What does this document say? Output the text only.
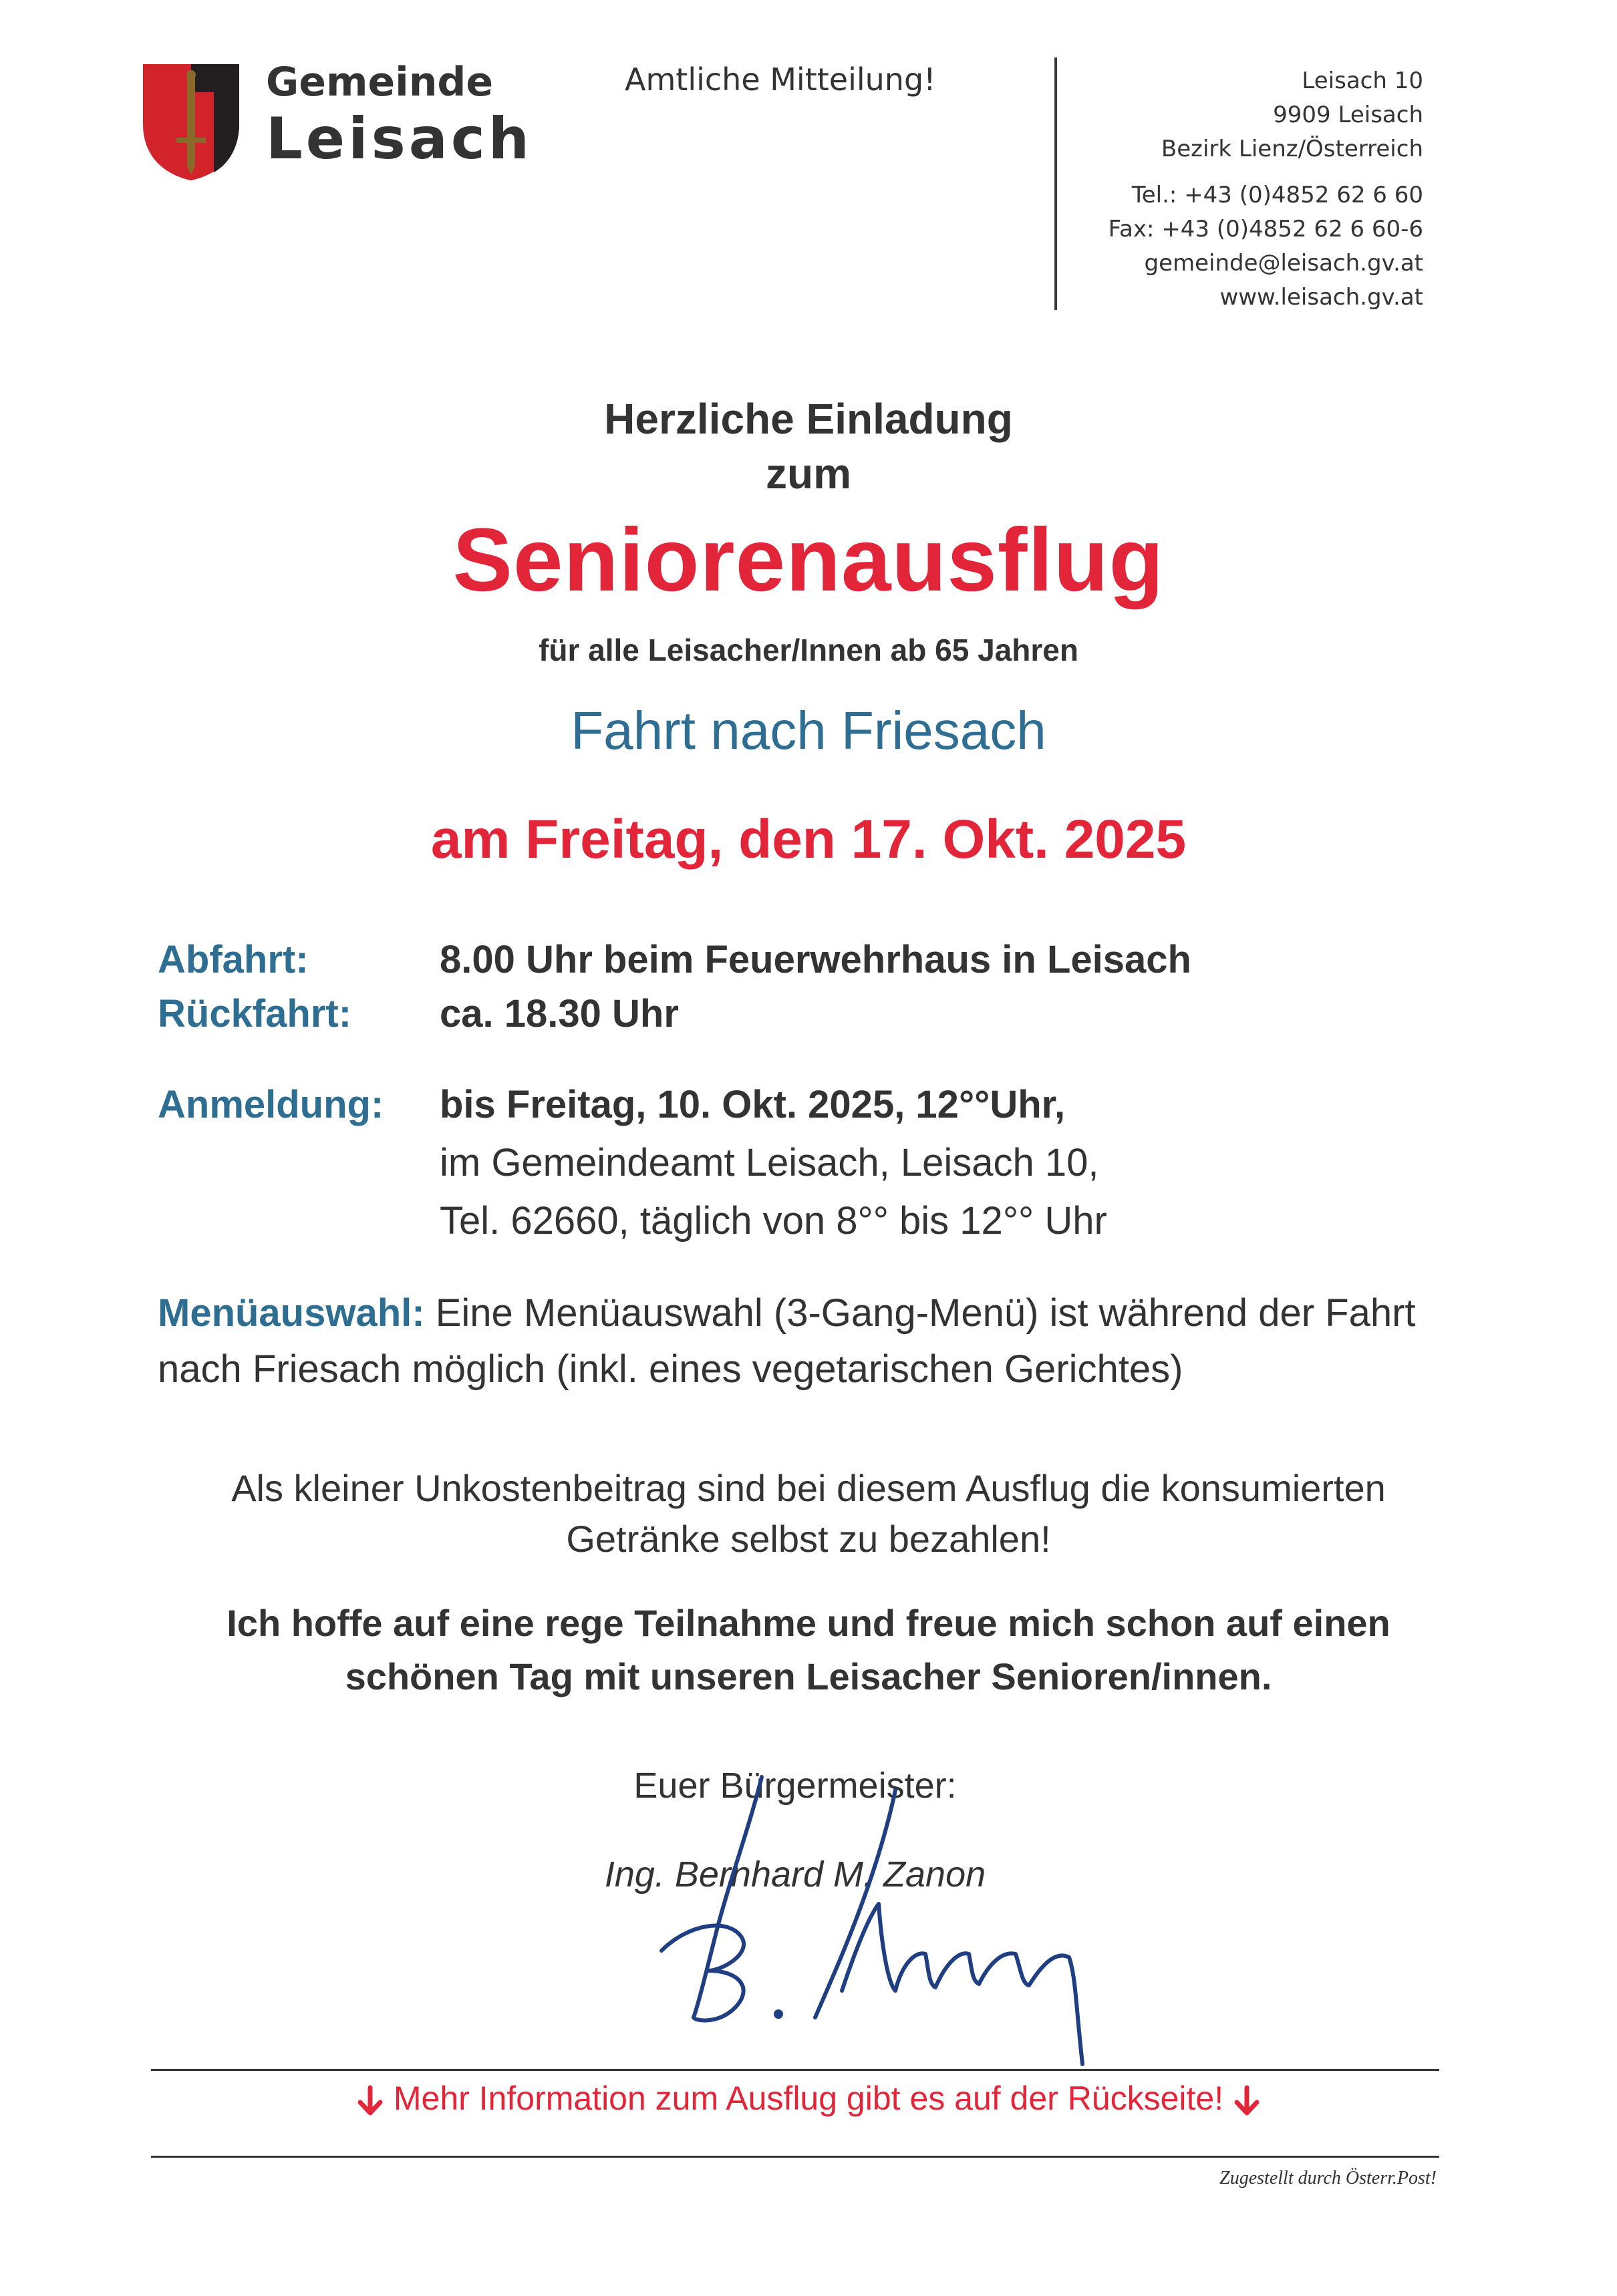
Gemeinde
Leisach
Amtliche Mitteilung!	Leisach 10
9909 Leisach
Bezirk Lienz/Österreich
Tel.: +43 (0)4852 62 6 60
Fax: +43 (0)4852 62 6 60-6
gemeinde@leisach.gv.at
www.leisach.gv.at
Herzliche Einladung
zum
Seniorenausflug
für alle Leisacher/Innen ab 65 Jahren
Fahrt nach Friesach
am Freitag, den 17. Okt. 2025
Abfahrt:	8.00 Uhr beim Feuerwehrhaus in Leisach
Rückfahrt: ca. 18.30 Uhr
Anmeldung: bis Freitag, 10. Okt. 2025, 12°°Uhr,
im Gemeindeamt Leisach, Leisach 10,
Tel. 62660, täglich von 8°° bis 12°° Uhr
Menüauswahl: Eine Menüauswahl (3-Gang-Menü) ist während der Fahrt nach Friesach möglich (inkl. eines vegetarischen Gerichtes)
Als kleiner Unkostenbeitrag sind bei diesem Ausflug die konsumierten
Getränke selbst zu bezahlen!
Ich hoffe auf eine rege Teilnahme und freue mich schon auf einen
schönen Tag mit unseren Leisacher Senioren/innen.
Euer Bürgermeister:
Ing. Bernhard M. Zanon
Mehr Information zum Ausflug gibt es auf der Rückseite!
Zugestellt durch Österr.Post!
